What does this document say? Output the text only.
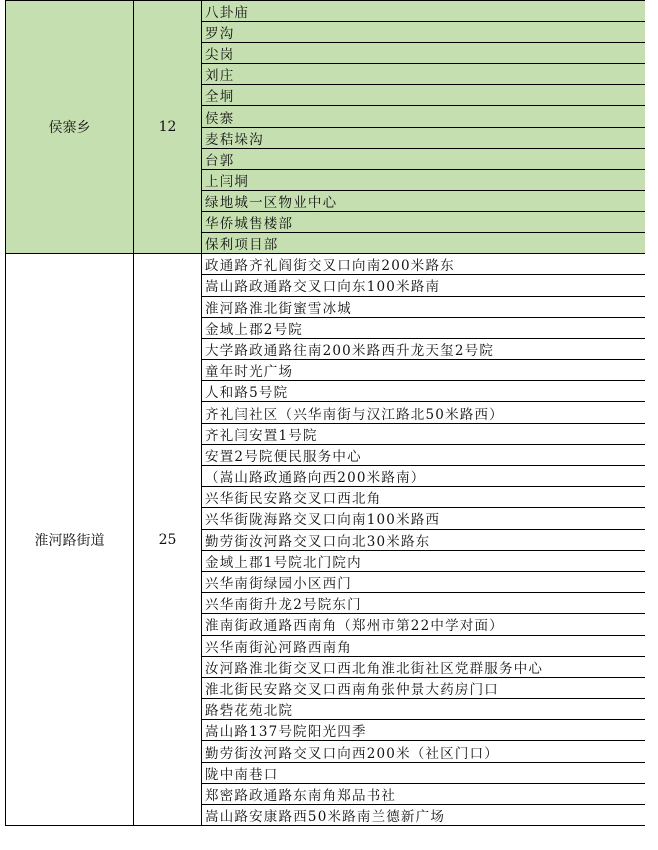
侯寨乡	12	八卦庙
		罗沟
		尖岗
		刘庄
		全垌
		侯寨
		麦秸垛沟
		台郭
		上闫垌
		绿地城一区物业中心
		华侨城售楼部
		保利项目部
淮河路街道	25	政通路齐礼阎街交叉口向南200米路东
		嵩山路政通路交叉口向东100米路南
		淮河路淮北街蜜雪冰城
		金域上郡2号院
		大学路政通路往南200米路西升龙天玺2号院
		童年时光广场
		人和路5号院
		齐礼闫社区（兴华南街与汉江路北50米路西）
		齐礼闫安置1号院
		安置2号院便民服务中心
		（嵩山路政通路向西200米路南）
		兴华街民安路交叉口西北角
		兴华街陇海路交叉口向南100米路西
		勤劳街汝河路交叉口向北30米路东
		金域上郡1号院北门院内
		兴华南街绿园小区西门
		兴华南街升龙2号院东门
		淮南街政通路西南角（郑州市第22中学对面）
		兴华南街沁河路西南角
		汝河路淮北街交叉口西北角淮北街社区党群服务中心
		淮北街民安路交叉口西南角张仲景大药房门口
		路砦花苑北院
		嵩山路137号院阳光四季
		勤劳街汝河路交叉口向西200米（社区门口）
		陇中南巷口
		郑密路政通路东南角郑品书社
		嵩山路安康路西50米路南兰德新广场
